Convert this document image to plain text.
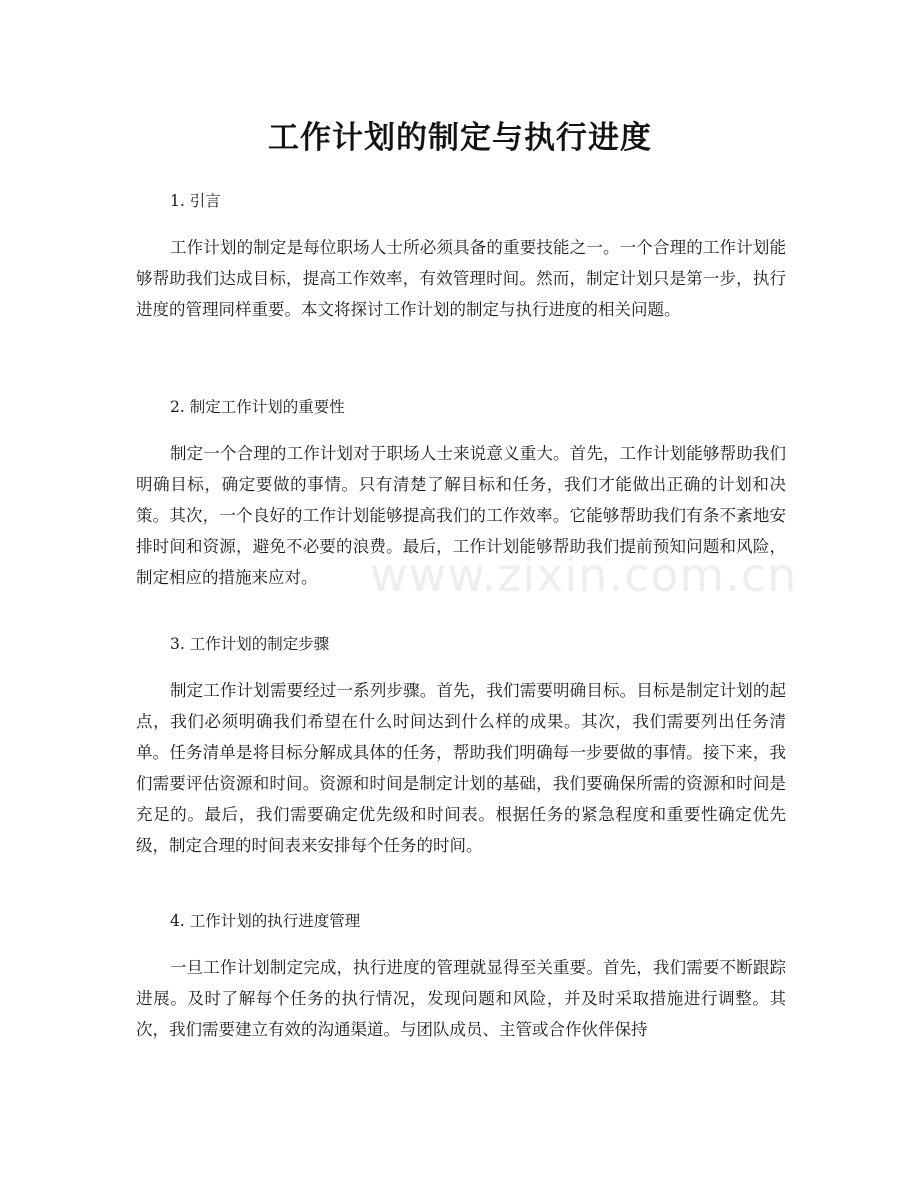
www.zixin.com.cn
工作计划的制定与执行进度
1. 引言

工作计划的制定是每位职场人士所必须具备的重要技能之一。一个合理的工作计划能够帮助我们达成目标，提高工作效率，有效管理时间。然而，制定计划只是第一步，执行进度的管理同样重要。本文将探讨工作计划的制定与执行进度的相关问题。

2. 制定工作计划的重要性

制定一个合理的工作计划对于职场人士来说意义重大。首先，工作计划能够帮助我们明确目标，确定要做的事情。只有清楚了解目标和任务，我们才能做出正确的计划和决策。其次，一个良好的工作计划能够提高我们的工作效率。它能够帮助我们有条不紊地安排时间和资源，避免不必要的浪费。最后，工作计划能够帮助我们提前预知问题和风险，制定相应的措施来应对。

3. 工作计划的制定步骤

制定工作计划需要经过一系列步骤。首先，我们需要明确目标。目标是制定计划的起点，我们必须明确我们希望在什么时间达到什么样的成果。其次，我们需要列出任务清单。任务清单是将目标分解成具体的任务，帮助我们明确每一步要做的事情。接下来，我们需要评估资源和时间。资源和时间是制定计划的基础，我们要确保所需的资源和时间是充足的。最后，我们需要确定优先级和时间表。根据任务的紧急程度和重要性确定优先级，制定合理的时间表来安排每个任务的时间。

4. 工作计划的执行进度管理

一旦工作计划制定完成，执行进度的管理就显得至关重要。首先，我们需要不断跟踪进展。及时了解每个任务的执行情况，发现问题和风险，并及时采取措施进行调整。其次，我们需要建立有效的沟通渠道。与团队成员、主管或合作伙伴保持
